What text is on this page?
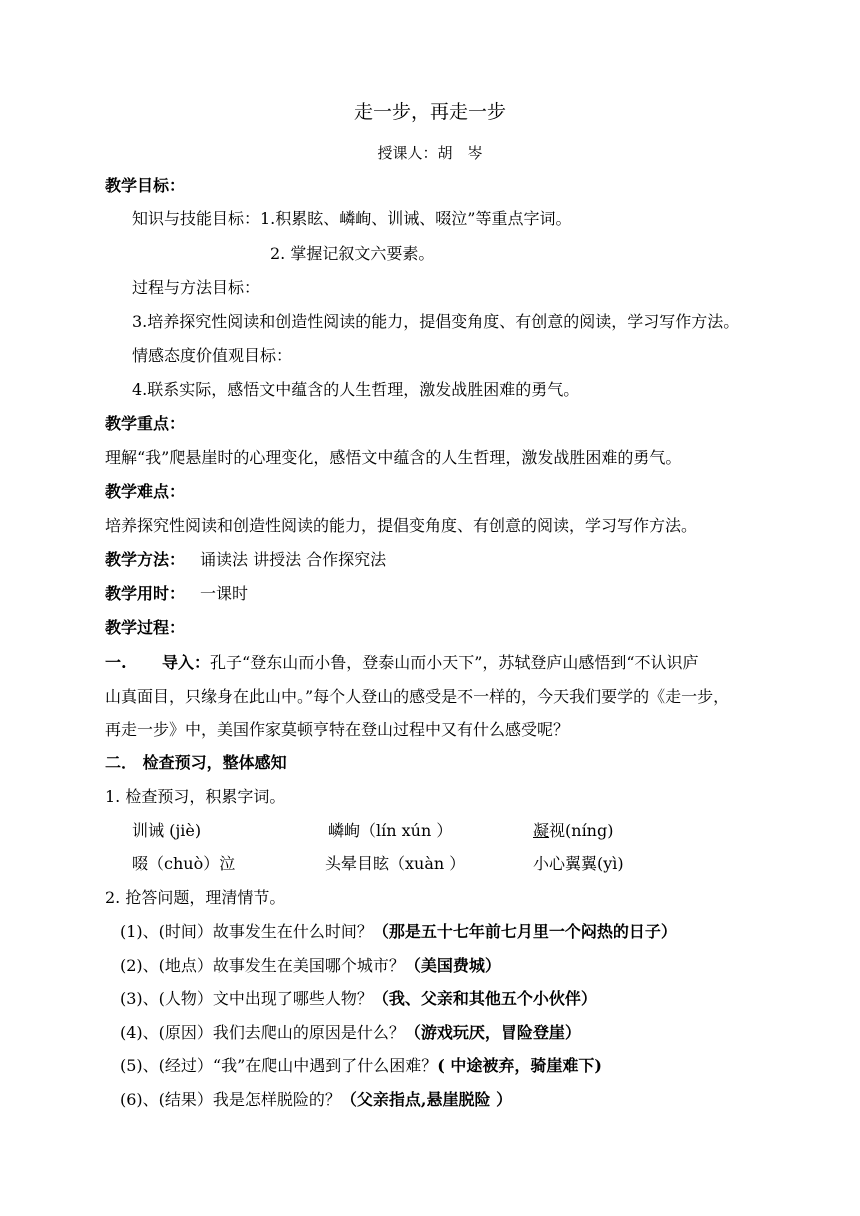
走一步，再走一步
授课人：胡　岑
教学目标：
知识与技能目标：1.积累眩、嶙峋、训诫、啜泣”等重点字词。
2. 掌握记叙文六要素。
过程与方法目标：
3.培养探究性阅读和创造性阅读的能力，提倡变角度、有创意的阅读，学习写作方法。
情感态度价值观目标：
4.联系实际，感悟文中蕴含的人生哲理，激发战胜困难的勇气。
教学重点：
理解“我”爬悬崖时的心理变化，感悟文中蕴含的人生哲理，激发战胜困难的勇气。
教学难点：
培养探究性阅读和创造性阅读的能力，提倡变角度、有创意的阅读，学习写作方法。
教学方法： 诵读法 讲授法 合作探究法
教学用时： 一课时
教学过程：
一. 导入：孔子“登东山而小鲁，登泰山而小天下”，苏轼登庐山感悟到“不认识庐
山真面目，只缘身在此山中。”每个人登山的感受是不一样的，今天我们要学的《走一步，
再走一步》中，美国作家莫顿亨特在登山过程中又有什么感受呢？
二． 检查预习，整体感知
1. 检查预习，积累字词。
训诫 (jiè)	嶙峋（lín xún ）	凝视(níng)
啜（chuò）泣	头晕目眩（xuàn ）	小心翼翼(yì)
2. 抢答问题，理清情节。
(1)、(时间）故事发生在什么时间？（那是五十七年前七月里一个闷热的日子）
(2)、(地点）故事发生在美国哪个城市？（美国费城）
(3)、(人物）文中出现了哪些人物？（我、父亲和其他五个小伙伴）
(4)、(原因）我们去爬山的原因是什么？（游戏玩厌，冒险登崖）
(5)、(经过）“我”在爬山中遇到了什么困难？( 中途被弃，骑崖难下)
(6)、(结果）我是怎样脱险的？（父亲指点,悬崖脱险 ）
